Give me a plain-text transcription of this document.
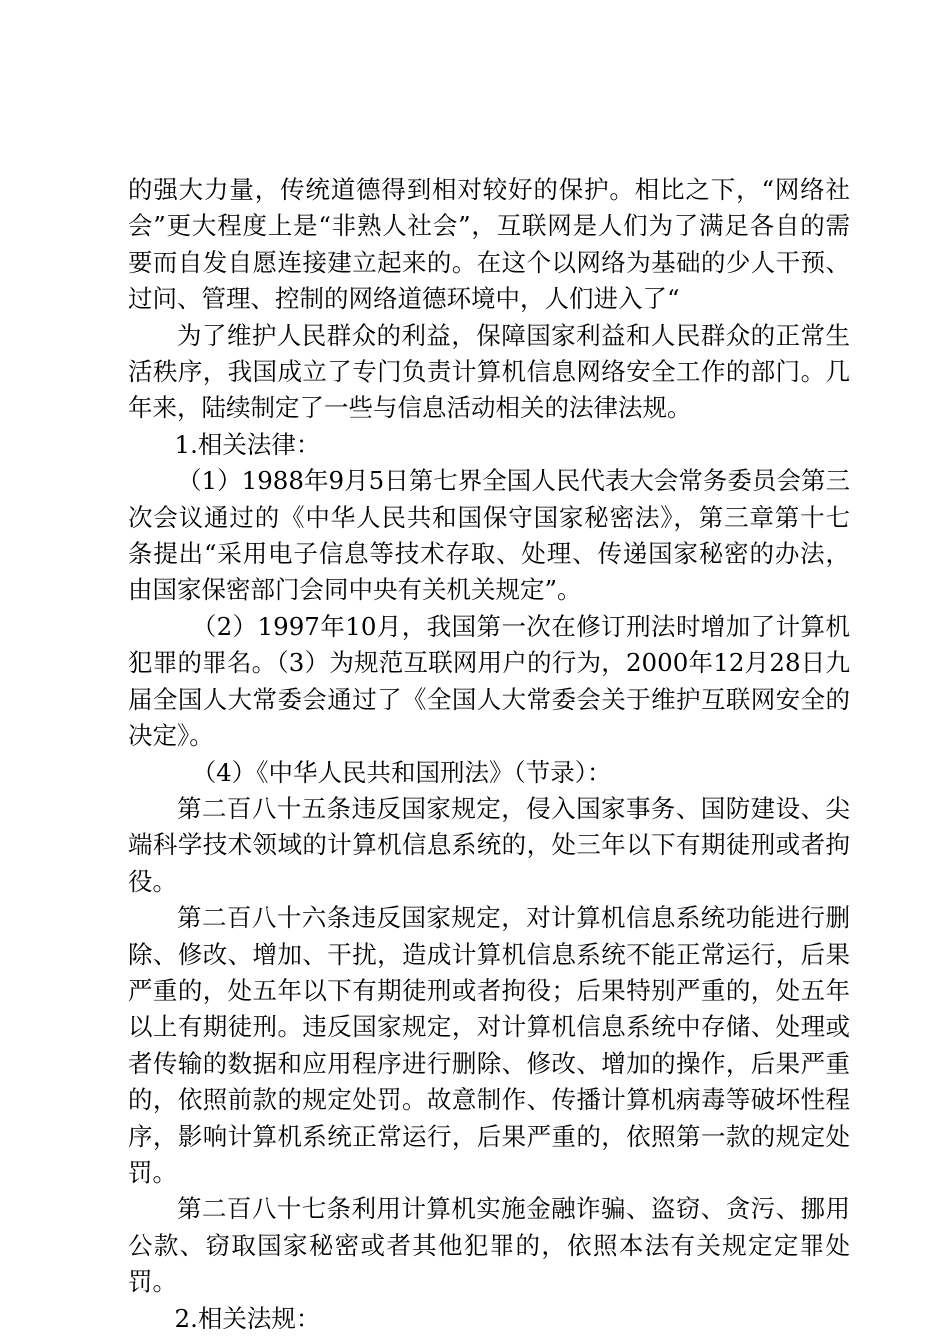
的强大力量，传统道德得到相对较好的保护。相比之下，“网络社会”更大程度上是“非熟人社会”，互联网是人们为了满足各自的需要而自发自愿连接建立起来的。在这个以网络为基础的少人干预、过问、管理、控制的网络道德环境中，人们进入了“

为了维护人民群众的利益，保障国家利益和人民群众的正常生活秩序，我国成立了专门负责计算机信息网络安全工作的部门。几年来，陆续制定了一些与信息活动相关的法律法规。

1.相关法律：

（1）1988年9月5日第七界全国人民代表大会常务委员会第三次会议通过的《中华人民共和国保守国家秘密法》，第三章第十七条提出“采用电子信息等技术存取、处理、传递国家秘密的办法，由国家保密部门会同中央有关机关规定”。

（2）1997年10月，我国第一次在修订刑法时增加了计算机犯罪的罪名。（3）为规范互联网用户的行为，2000年12月28日九届全国人大常委会通过了《全国人大常委会关于维护互联网安全的决定》。

（4）《中华人民共和国刑法》（节录）：

第二百八十五条违反国家规定，侵入国家事务、国防建设、尖端科学技术领域的计算机信息系统的，处三年以下有期徒刑或者拘役。

第二百八十六条违反国家规定，对计算机信息系统功能进行删除、修改、增加、干扰，造成计算机信息系统不能正常运行，后果严重的，处五年以下有期徒刑或者拘役；后果特别严重的，处五年以上有期徒刑。违反国家规定，对计算机信息系统中存储、处理或者传输的数据和应用程序进行删除、修改、增加的操作，后果严重的，依照前款的规定处罚。故意制作、传播计算机病毒等破坏性程序，影响计算机系统正常运行，后果严重的，依照第一款的规定处罚。

第二百八十七条利用计算机实施金融诈骗、盗窃、贪污、挪用公款、窃取国家秘密或者其他犯罪的，依照本法有关规定定罪处罚。

2.相关法规：
